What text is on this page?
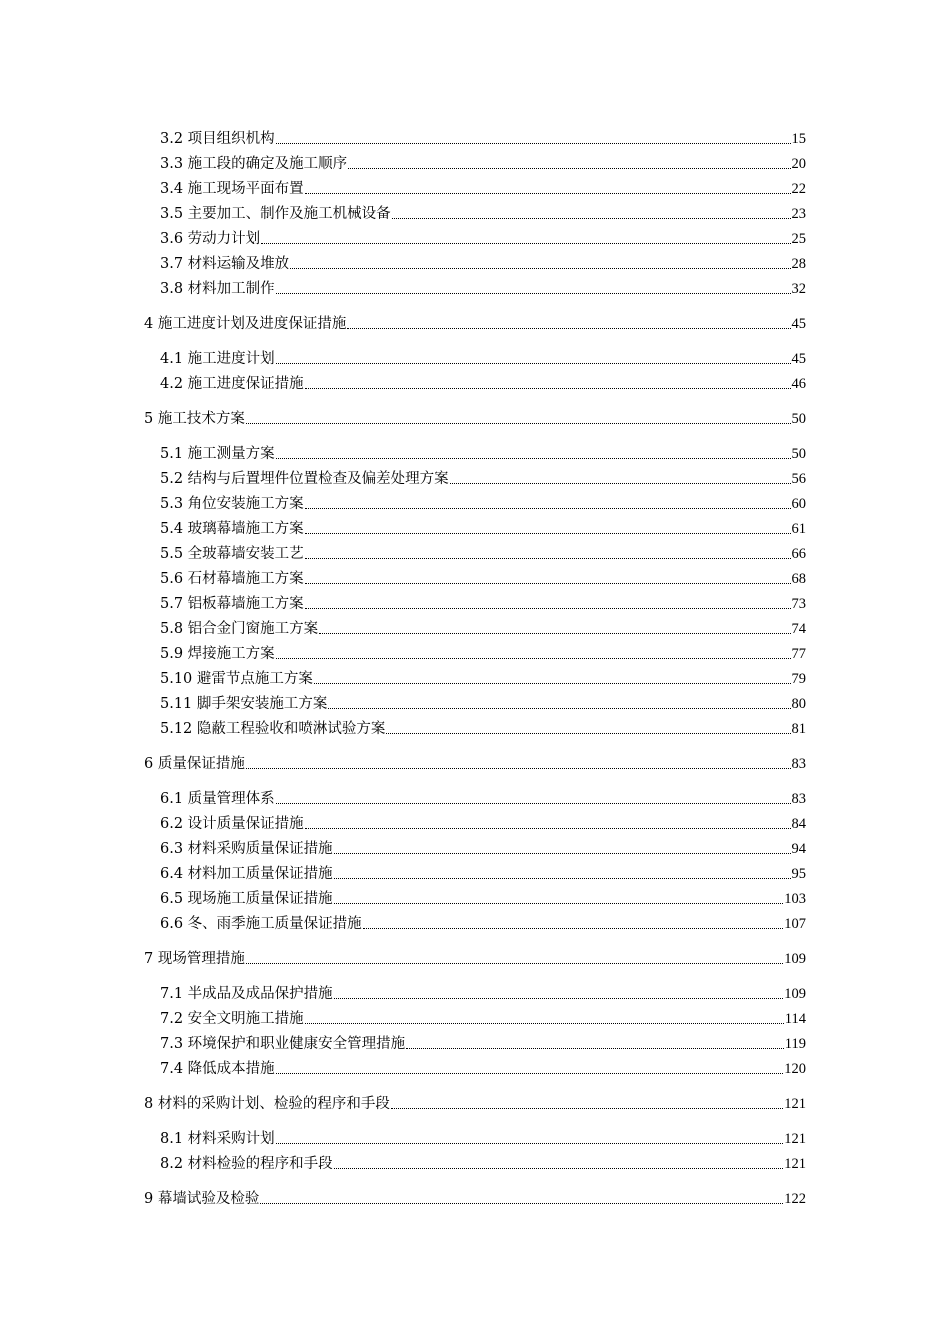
3.2 项目组织机构	15
3.3 施工段的确定及施工顺序	20
3.4 施工现场平面布置	22
3.5 主要加工、制作及施工机械设备	23
3.6 劳动力计划	25
3.7 材料运输及堆放	28
3.8 材料加工制作	32
4 施工进度计划及进度保证措施	45
4.1 施工进度计划	45
4.2 施工进度保证措施	46
5 施工技术方案	50
5.1 施工测量方案	50
5.2 结构与后置埋件位置检查及偏差处理方案	56
5.3 角位安装施工方案	60
5.4 玻璃幕墙施工方案	61
5.5 全玻幕墙安装工艺	66
5.6 石材幕墙施工方案	68
5.7 铝板幕墙施工方案	73
5.8 铝合金门窗施工方案	74
5.9 焊接施工方案	77
5.10 避雷节点施工方案	79
5.11 脚手架安装施工方案	80
5.12 隐蔽工程验收和喷淋试验方案	81
6 质量保证措施	83
6.1 质量管理体系	83
6.2 设计质量保证措施	84
6.3 材料采购质量保证措施	94
6.4 材料加工质量保证措施	95
6.5 现场施工质量保证措施	103
6.6 冬、雨季施工质量保证措施	107
7 现场管理措施	109
7.1 半成品及成品保护措施	109
7.2 安全文明施工措施	114
7.3 环境保护和职业健康安全管理措施	119
7.4 降低成本措施	120
8 材料的采购计划、检验的程序和手段	121
8.1 材料采购计划	121
8.2 材料检验的程序和手段	121
9 幕墙试验及检验	122
